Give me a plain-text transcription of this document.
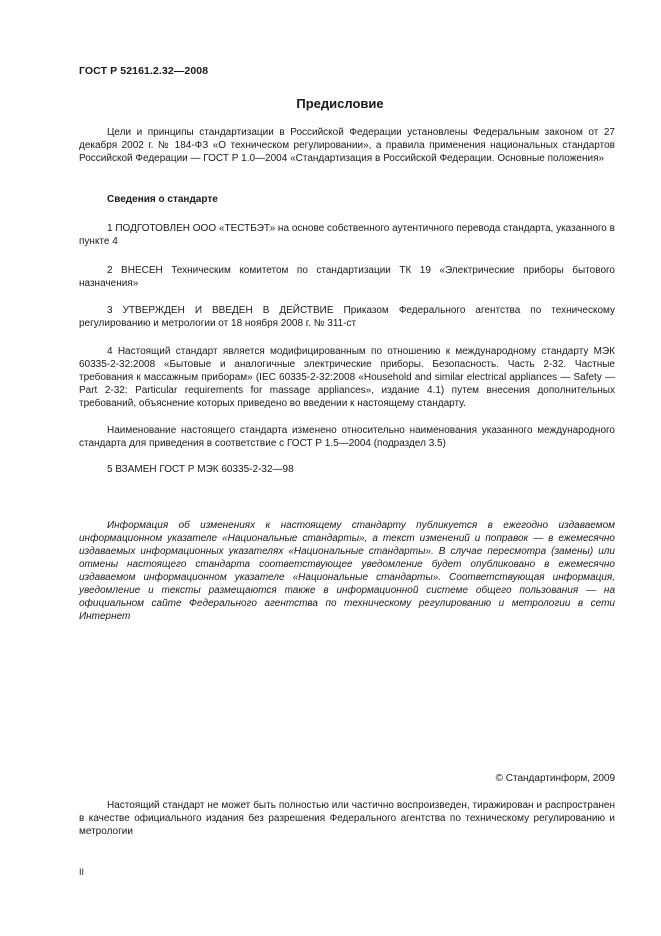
ГОСТ Р 52161.2.32—2008
Предисловие

Цели и принципы стандартизации в Российской Федерации установлены Федеральным законом от 27 декабря 2002 г. № 184-ФЗ «О техническом регулировании», а правила применения национальных стандартов Российской Федерации — ГОСТ Р 1.0—2004 «Стандартизация в Российской Федерации. Основные положения»

Сведения о стандарте

1 ПОДГОТОВЛЕН ООО «ТЕСТБЭТ» на основе собственного аутентичного перевода стандарта, указанного в пункте 4

2 ВНЕСЕН Техническим комитетом по стандартизации ТК 19 «Электрические приборы бытового назначения»

3 УТВЕРЖДЕН И ВВЕДЕН В ДЕЙСТВИЕ Приказом Федерального агентства по техническому регулированию и метрологии от 18 ноября 2008 г. № 311-ст

4 Настоящий стандарт является модифицированным по отношению к международному стандарту МЭК 60335-2-32:2008 «Бытовые и аналогичные электрические приборы. Безопасность. Часть 2-32. Частные требования к массажным приборам» (IEC 60335-2-32:2008 «Household and similar electrical appliances — Safety — Part 2-32: Particular requirements for massage appliances», издание 4.1) путем внесения дополнительных требований, объяснение которых приведено во введении к настоящему стандарту.

Наименование настоящего стандарта изменено относительно наименования указанного международного стандарта для приведения в соответствие с ГОСТ Р 1.5—2004 (подраздел 3.5)

5 ВЗАМЕН ГОСТ Р МЭК 60335-2-32—98

Информация об изменениях к настоящему стандарту публикуется в ежегодно издаваемом информационном указателе «Национальные стандарты», а текст изменений и поправок — в ежемесячно издаваемых информационных указателях «Национальные стандарты». В случае пересмотра (замены) или отмены настоящего стандарта соответствующее уведомление будет опубликовано в ежемесячно издаваемом информационном указателе «Национальные стандарты». Соответствующая информация, уведомление и тексты размещаются также в информационной системе общего пользования — на официальном сайте Федерального агентства по техническому регулированию и метрологии в сети Интернет

© Стандартинформ, 2009

Настоящий стандарт не может быть полностью или частично воспроизведен, тиражирован и распространен в качестве официального издания без разрешения Федерального агентства по техническому регулированию и метрологии

II
